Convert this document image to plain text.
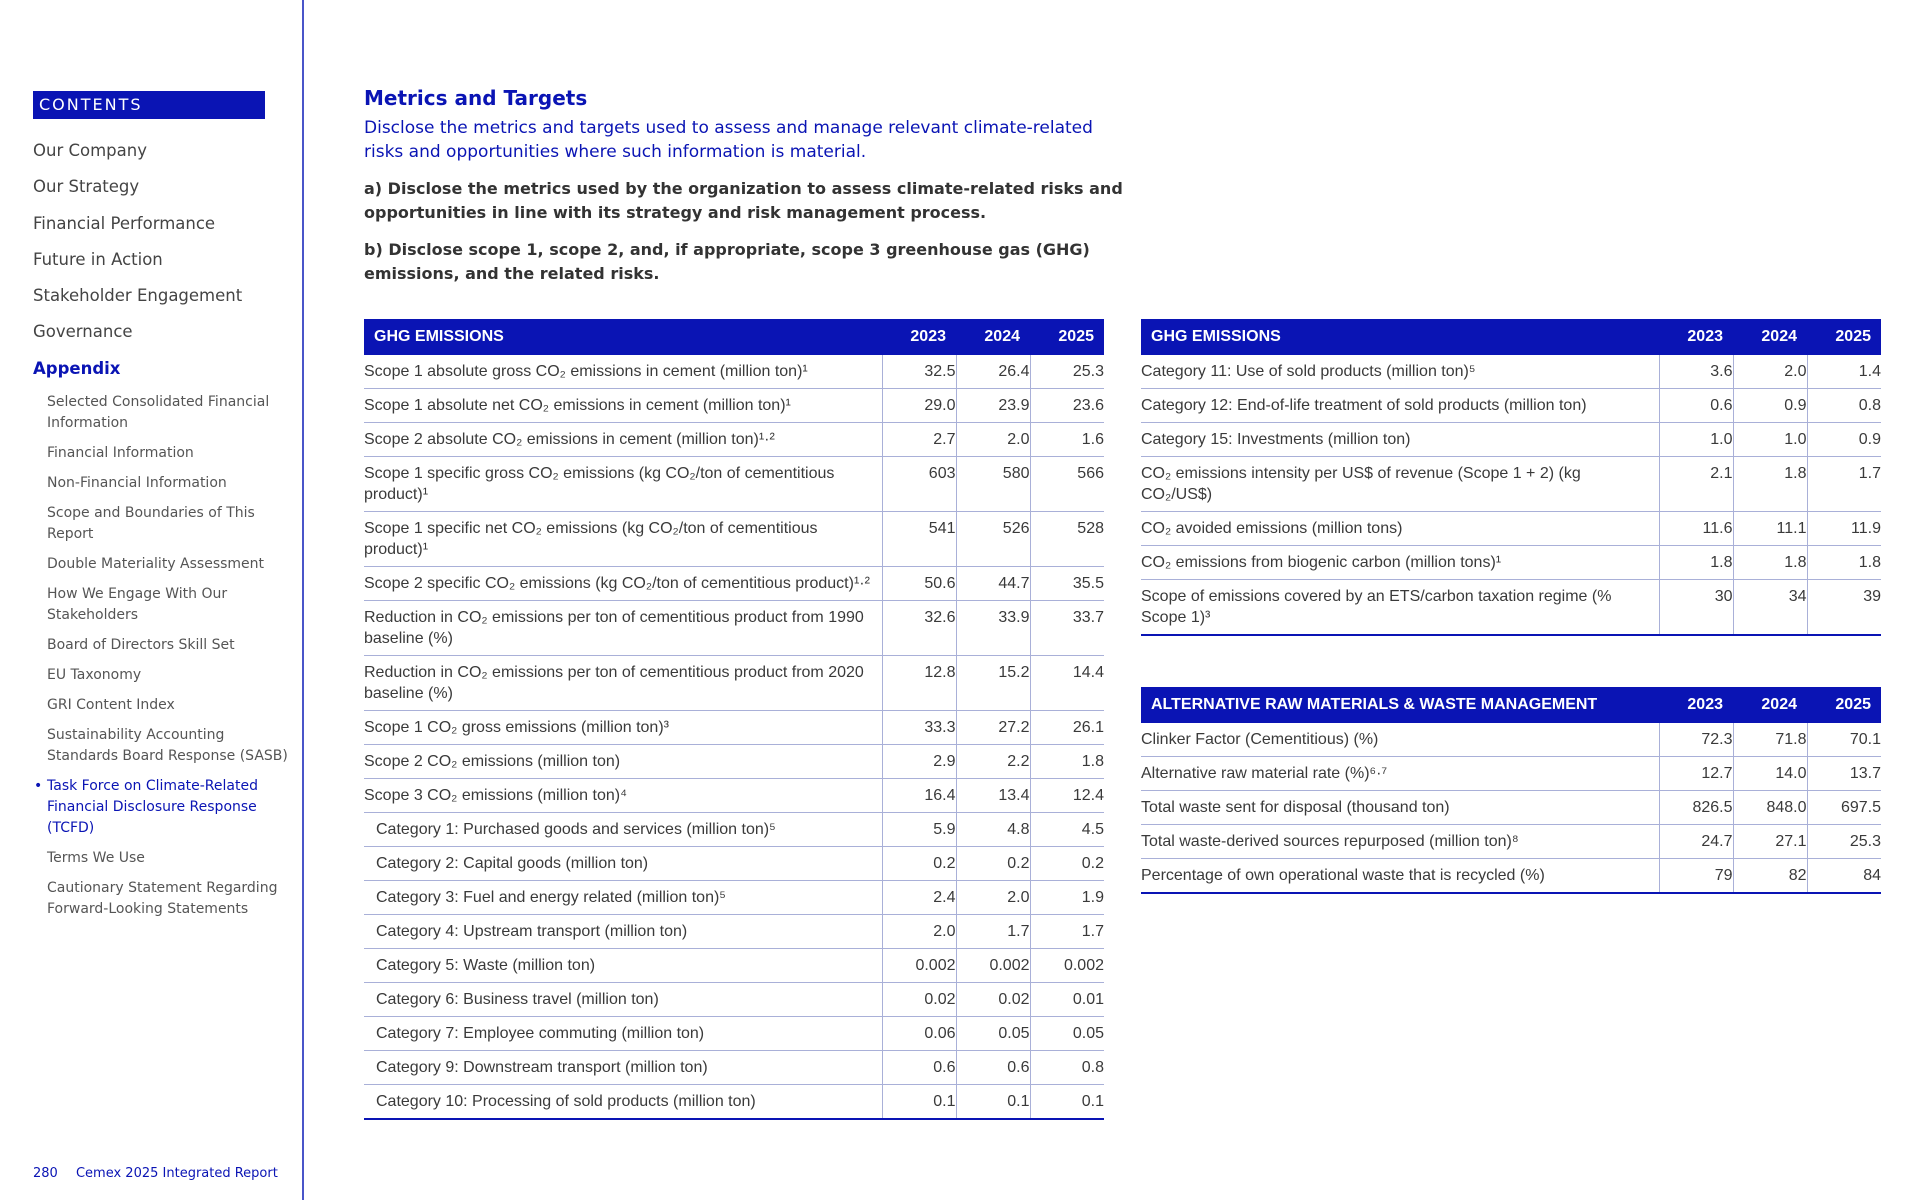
CONTENTS
Our Company
Our Strategy
Financial Performance
Future in Action
Stakeholder Engagement
Governance
Appendix
Selected Consolidated Financial Information
Financial Information
Non-Financial Information
Scope and Boundaries of This Report
Double Materiality Assessment
How We Engage With Our Stakeholders
Board of Directors Skill Set
EU Taxonomy
GRI Content Index
Sustainability Accounting Standards Board Response (SASB)
• Task Force on Climate-Related Financial Disclosure Response (TCFD)
Terms We Use
Cautionary Statement Regarding Forward-Looking Statements
280 Cemex 2025 Integrated Report
Metrics and Targets
Disclose the metrics and targets used to assess and manage relevant climate-related risks and opportunities where such information is material.
a) Disclose the metrics used by the organization to assess climate-related risks and opportunities in line with its strategy and risk management process.
b) Disclose scope 1, scope 2, and, if appropriate, scope 3 greenhouse gas (GHG) emissions, and the related risks.
GHG EMISSIONS	2023	2024	2025
Scope 1 absolute gross CO₂ emissions in cement (million ton)¹	32.5	26.4	25.3
Scope 1 absolute net CO₂ emissions in cement (million ton)¹	29.0	23.9	23.6
Scope 2 absolute CO₂ emissions in cement (million ton)¹·²	2.7	2.0	1.6
Scope 1 specific gross CO₂ emissions (kg CO₂/ton of cementitious product)¹	603	580	566
Scope 1 specific net CO₂ emissions (kg CO₂/ton of cementitious product)¹	541	526	528
Scope 2 specific CO₂ emissions (kg CO₂/ton of cementitious product)¹·²	50.6	44.7	35.5
Reduction in CO₂ emissions per ton of cementitious product from 1990 baseline (%)	32.6	33.9	33.7
Reduction in CO₂ emissions per ton of cementitious product from 2020 baseline (%)	12.8	15.2	14.4
Scope 1 CO₂ gross emissions (million ton)³	33.3	27.2	26.1
Scope 2 CO₂ emissions (million ton)	2.9	2.2	1.8
Scope 3 CO₂ emissions (million ton)⁴	16.4	13.4	12.4
Category 1: Purchased goods and services (million ton)⁵	5.9	4.8	4.5
Category 2: Capital goods (million ton)	0.2	0.2	0.2
Category 3: Fuel and energy related (million ton)⁵	2.4	2.0	1.9
Category 4: Upstream transport (million ton)	2.0	1.7	1.7
Category 5: Waste (million ton)	0.002	0.002	0.002
Category 6: Business travel (million ton)	0.02	0.02	0.01
Category 7: Employee commuting (million ton)	0.06	0.05	0.05
Category 9: Downstream transport (million ton)	0.6	0.6	0.8
Category 10: Processing of sold products (million ton)	0.1	0.1	0.1
GHG EMISSIONS	2023	2024	2025
Category 11: Use of sold products (million ton)⁵	3.6	2.0	1.4
Category 12: End-of-life treatment of sold products (million ton)	0.6	0.9	0.8
Category 15: Investments (million ton)	1.0	1.0	0.9
CO₂ emissions intensity per US$ of revenue (Scope 1 + 2) (kg CO₂/US$)	2.1	1.8	1.7
CO₂ avoided emissions (million tons)	11.6	11.1	11.9
CO₂ emissions from biogenic carbon (million tons)¹	1.8	1.8	1.8
Scope of emissions covered by an ETS/carbon taxation regime (% Scope 1)³	30	34	39
ALTERNATIVE RAW MATERIALS & WASTE MANAGEMENT	2023	2024	2025
Clinker Factor (Cementitious) (%)	72.3	71.8	70.1
Alternative raw material rate (%)⁶·⁷	12.7	14.0	13.7
Total waste sent for disposal (thousand ton)	826.5	848.0	697.5
Total waste-derived sources repurposed (million ton)⁸	24.7	27.1	25.3
Percentage of own operational waste that is recycled (%)	79	82	84
